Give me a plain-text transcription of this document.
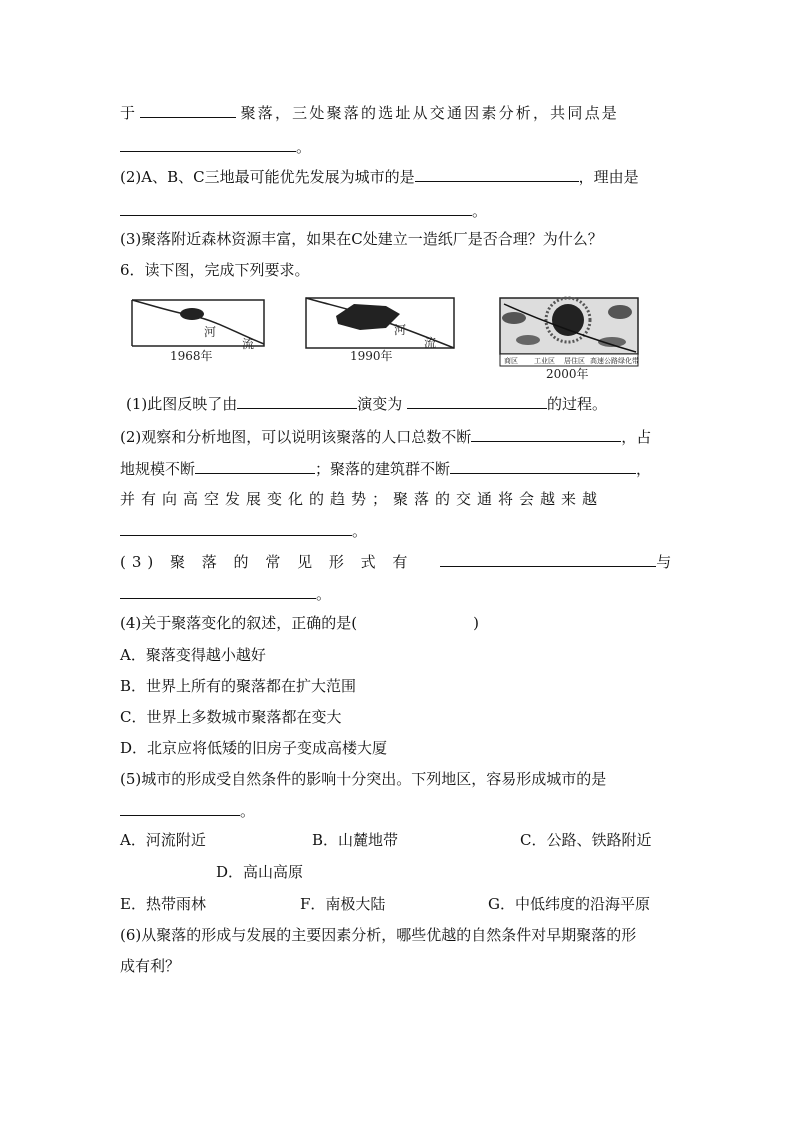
于	聚落，三处聚落的选址从交通因素分析，共同点是
。
(2)A、B、C三地最可能优先发展为城市的是	，理由是
。
(3)聚落附近森林资源丰富，如果在C处建立一造纸厂是否合理？为什么？
6．读下图，完成下列要求。
河
流
1968年
河
流
1990年	商区 工业区 居住区 高速公路 绿化带
2000年
(1)此图反映了由	演变为	的过程。
(2)观察和分析地图，可以说明该聚落的人口总数不断	，占
地规模不断	；聚落的建筑群不断	，
并有向高空发展变化的趋势；聚落的交通将会越来越
。
(3) 聚 落 的 常 见 形 式 有	与
。
(4)关于聚落变化的叙述，正确的是(	)
A．聚落变得越小越好
B．世界上所有的聚落都在扩大范围
C．世界上多数城市聚落都在变大
D．北京应将低矮的旧房子变成高楼大厦
(5)城市的形成受自然条件的影响十分突出。下列地区，容易形成城市的是
。
A．河流附近	B．山麓地带	C．公路、铁路附近
D．高山高原
E．热带雨林	F．南极大陆	G．中低纬度的沿海平原
(6)从聚落的形成与发展的主要因素分析，哪些优越的自然条件对早期聚落的形
成有利？
